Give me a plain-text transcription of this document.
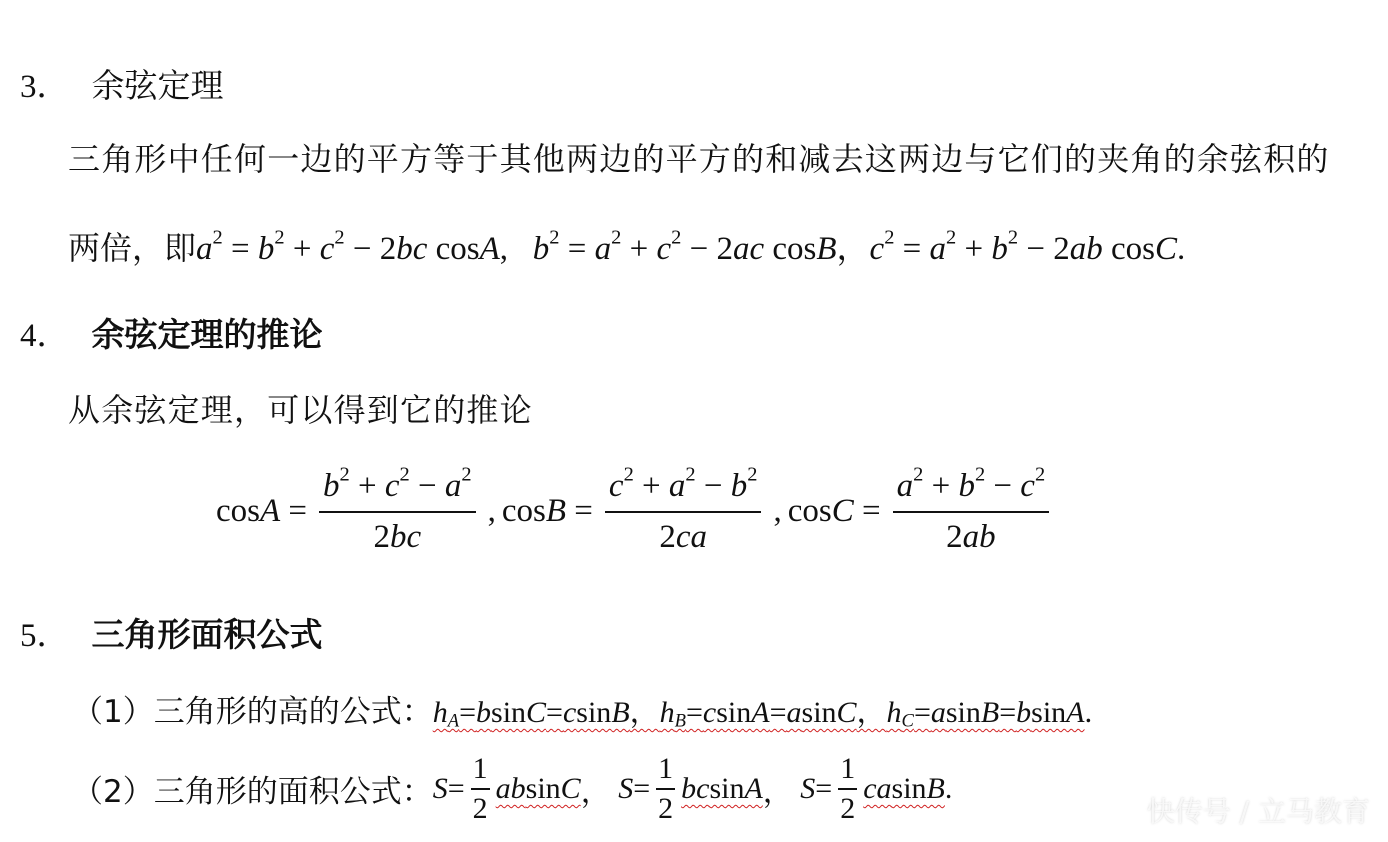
3． 余弦定理
三角形中任何一边的平方等于其他两边的平方的和减去这两边与它们的夹角的余弦积的
两倍，即$a^2 = b^2 + c^2 - 2bc$ cosA,   $b^2 = a^2 + c^2 - 2ac$ cosB，$c^2 = a^2 + b^2 - 2ab$ cosC.
4． 余弦定理的推论
从余弦定理，可以得到它的推论
$\cos A = \frac{b^2 + c^2 - a^2}{2bc}$ , $\cos B = \frac{c^2 + a^2 - b^2}{2ca}$ , $\cos C = \frac{a^2 + b^2 - c^2}{2ab}$
5． 三角形面积公式
（1）三角形的高的公式：$h_A=bsinC=csinB$，$h_B=csinA=asinC$，$h_C=asinB=bsinA$.
（2）三角形的面积公式： S =
1
2
absinC ， S =
1
2
bcsinA ， S =
1
2
casinB .
快传号 / 立马教育
